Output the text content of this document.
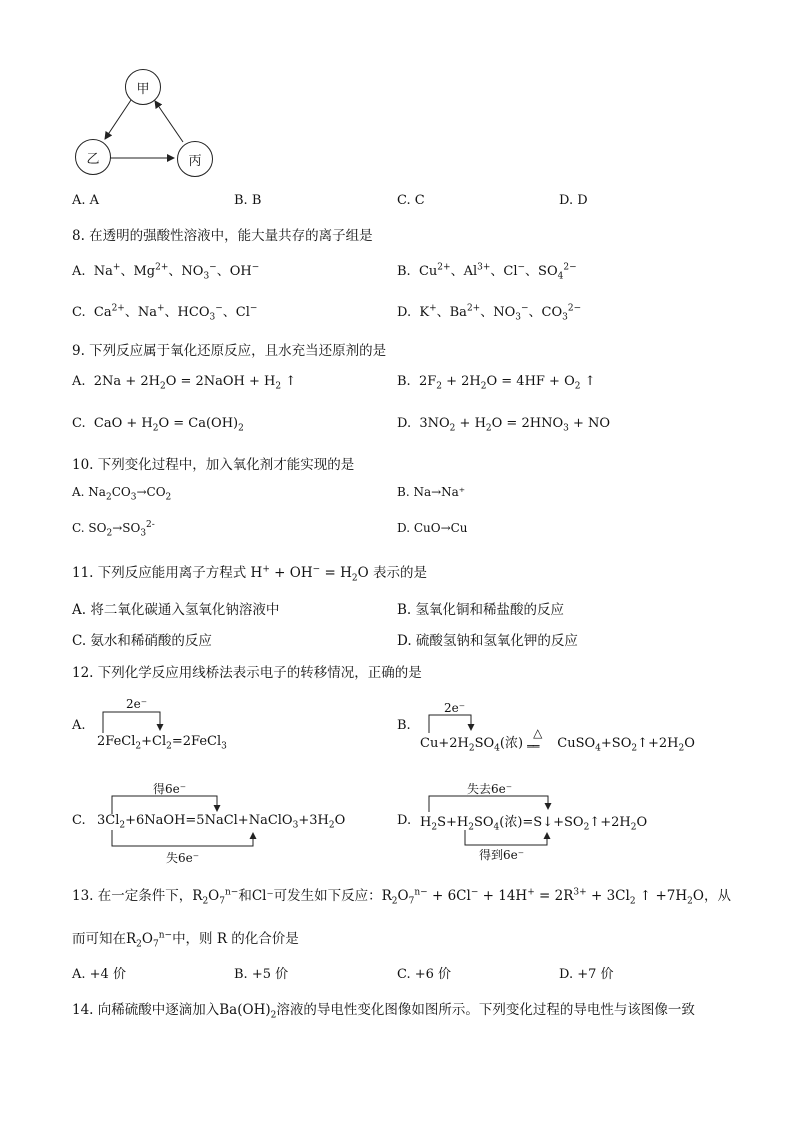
甲
乙	丙
A. A	B. B	C. C	D. D
8. 在透明的强酸性溶液中，能大量共存的离子组是
A.  Na+、$Mg^{2+}$、$NO_3^-$、OH−	B.  $Cu^{2+}$、$Al^{3+}$、Cl−、$SO_4^{2-}$
C.  $Ca^{2+}$、Na+、$HCO_3^-$、Cl−	D.  K+、$Ba^{2+}$、$NO_3^-$、$CO_3^{2-}$
9. 下列反应属于氧化还原反应，且水充当还原剂的是
A.  $2Na + 2H_2O$ = 2NaOH + $H_2$ ↑	B.  $2F_2 + 2H_2O = 4HF + O_2$ ↑
C.  CaO + $H_2O = Ca(OH)_2$	D.  $3NO_2 + H_2O = 2HNO_3$ + NO
10. 下列变化过程中，加入氧化剂才能实现的是
A. $Na_2CO_3\to CO_2$	B. Na→Na⁺
C. $SO_2\to SO_3^{2-}$	D. CuO→Cu
11. 下列反应能用离子方程式 $H^+ + OH^- = H_2O$ 表示的是
A. 将二氧化碳通入氢氧化钠溶液中	B. 氢氧化铜和稀盐酸的反应
C. 氨水和稀硝酸的反应	D. 硫酸氢钠和氢氧化钾的反应
12. 下列化学反应用线桥法表示电子的转移情况，正确的是
A.
2e⁻
$2FeCl_2+Cl_2=2FeCl_3$
B.
2e⁻
$Cu+2H_2SO_4$(浓)
△
══ $CuSO_4+SO_2↑+2H_2O$
得6e⁻
C. $3Cl_2+6NaOH=5NaCl+NaClO_3+3H_2O$
失6e⁻
失去6e⁻
D. $H_2S+H_2SO_4$(浓)$=S↓+SO_2↑+2H_2O$
得到6e⁻
13. 在一定条件下，$R_2O_7^{n-}$和Cl⁻可发生如下反应：$R_2O_7^{n-} + 6Cl^- + 14H^+ = 2R^{3+} + 3Cl_2$ ↑ $+7H_2O$，从
而可知在$R_2O_7^{n-}$中，则 R 的化合价是
A. +4 价	B. +5 价	C. +6 价	D. +7 价
14. 向稀硫酸中逐滴加入$Ba(OH)_2$溶液的导电性变化图像如图所示。下列变化过程的导电性与该图像一致
